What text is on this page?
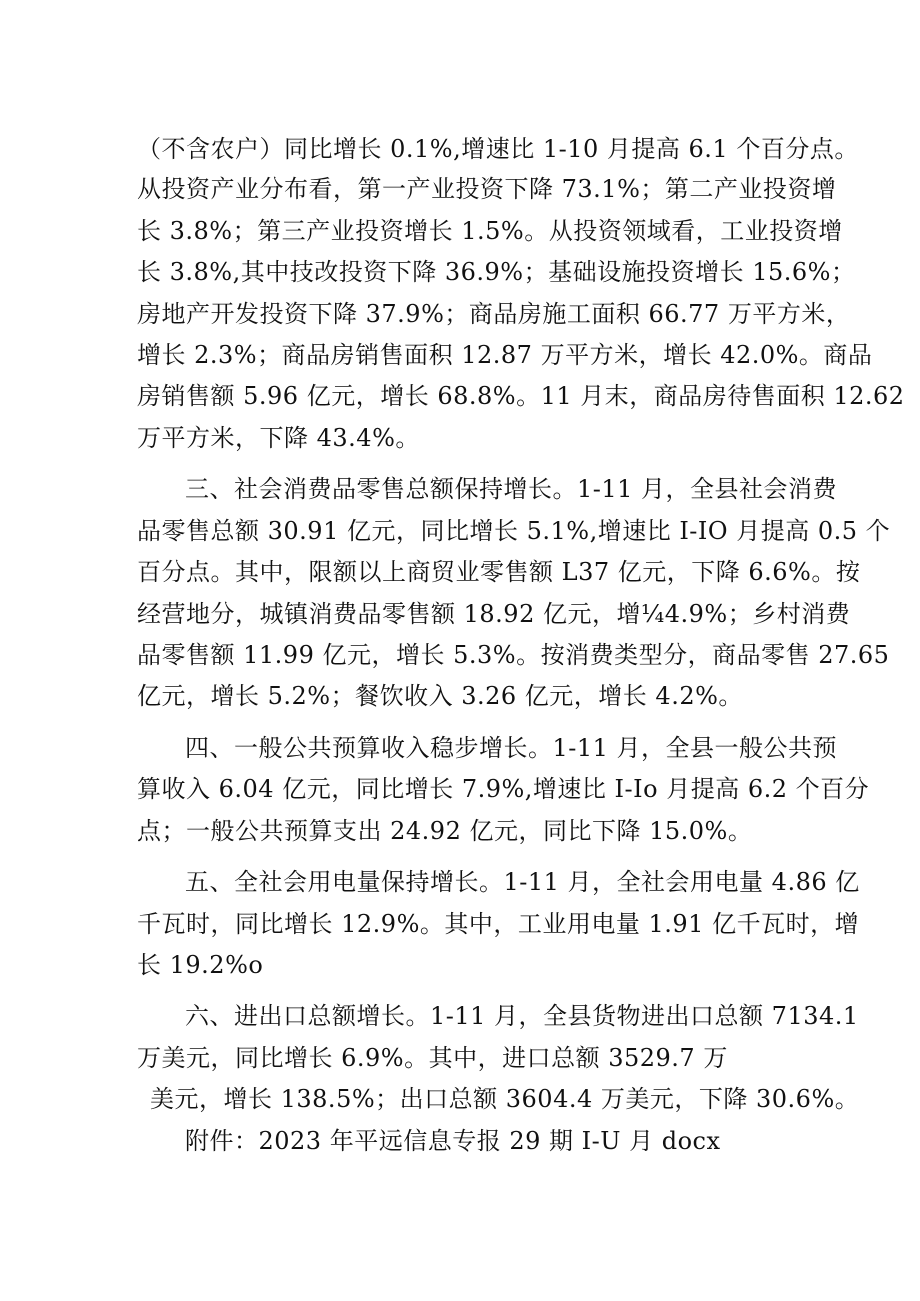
（不含农户）同比增长 0.1%,增速比 1-10 月提高 6.1 个百分点。
从投资产业分布看，第一产业投资下降 73.1%；第二产业投资增
长 3.8%；第三产业投资增长 1.5%。从投资领域看，工业投资增
长 3.8%,其中技改投资下降 36.9%；基础设施投资增长 15.6%；
房地产开发投资下降 37.9%；商品房施工面积 66.77 万平方米，
增长 2.3%；商品房销售面积 12.87 万平方米，增长 42.0%。商品
房销售额 5.96 亿元，增长 68.8%。11 月末，商品房待售面积 12.62
万平方米，下降 43.4%。
三、社会消费品零售总额保持增长。1-11 月，全县社会消费
品零售总额 30.91 亿元，同比增长 5.1%,增速比 I-IO 月提高 0.5 个
百分点。其中，限额以上商贸业零售额 L37 亿元，下降 6.6%。按
经营地分，城镇消费品零售额 18.92 亿元，增¼4.9%；乡村消费
品零售额 11.99 亿元，增长 5.3%。按消费类型分，商品零售 27.65
亿元，增长 5.2%；餐饮收入 3.26 亿元，增长 4.2%。
四、一般公共预算收入稳步增长。1-11 月，全县一般公共预
算收入 6.04 亿元，同比增长 7.9%,增速比 I-Io 月提高 6.2 个百分
点；一般公共预算支出 24.92 亿元，同比下降 15.0%。
五、全社会用电量保持增长。1-11 月，全社会用电量 4.86 亿
千瓦时，同比增长 12.9%。其中，工业用电量 1.91 亿千瓦时，增
长 19.2%o
六、进出口总额增长。1-11 月，全县货物进出口总额 7134.1
万美元，同比增长 6.9%。其中，进口总额 3529.7 万
美元，增长 138.5%；出口总额 3604.4 万美元，下降 30.6%。
附件：2023 年平远信息专报 29 期 I-U 月 docx
